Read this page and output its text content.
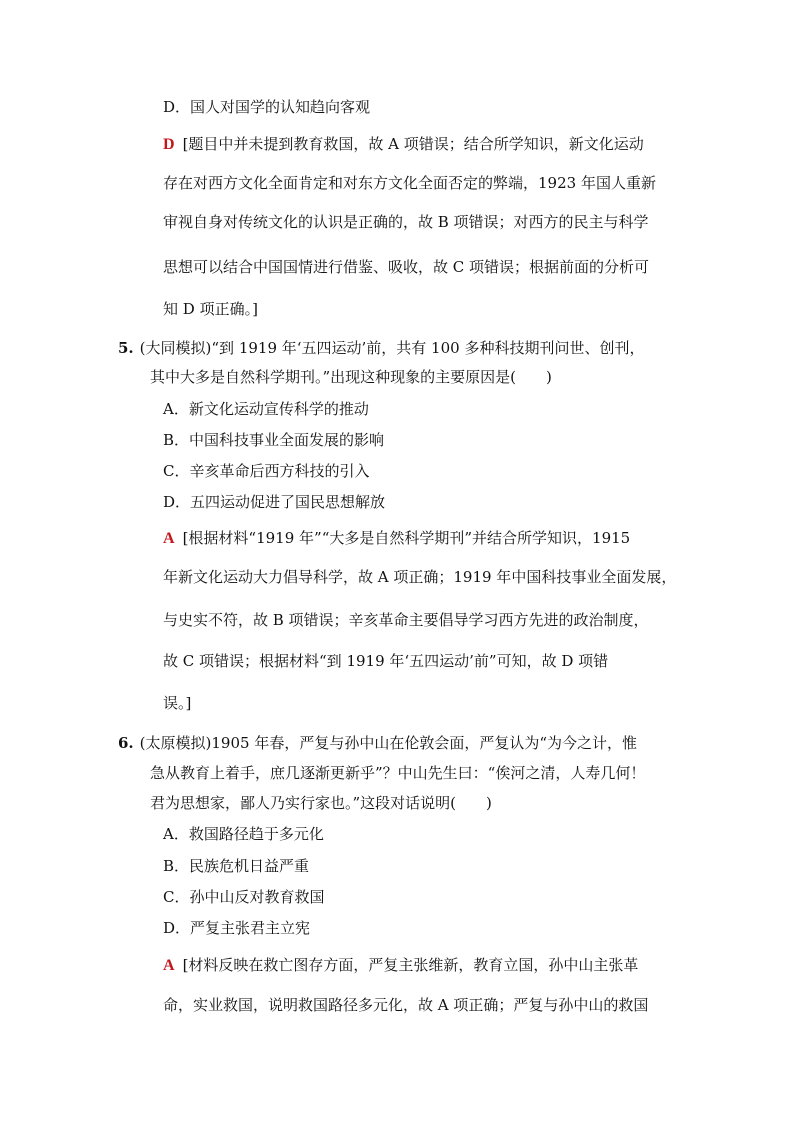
D．国人对国学的认知趋向客观
D [题目中并未提到教育救国，故 A 项错误；结合所学知识，新文化运动
存在对西方文化全面肯定和对东方文化全面否定的弊端，1923 年国人重新
审视自身对传统文化的认识是正确的，故 B 项错误；对西方的民主与科学
思想可以结合中国国情进行借鉴、吸收，故 C 项错误；根据前面的分析可
知 D 项正确。]
5. (大同模拟)“到 1919 年‘五四运动’前，共有 100 多种科技期刊问世、创刊，
其中大多是自然科学期刊。”出现这种现象的主要原因是(　　)
A．新文化运动宣传科学的推动
B．中国科技事业全面发展的影响
C．辛亥革命后西方科技的引入
D．五四运动促进了国民思想解放
A [根据材料“1919 年”“大多是自然科学期刊”并结合所学知识，1915
年新文化运动大力倡导科学，故 A 项正确；1919 年中国科技事业全面发展，
与史实不符，故 B 项错误；辛亥革命主要倡导学习西方先进的政治制度，
故 C 项错误；根据材料“到 1919 年‘五四运动’前”可知，故 D 项错
误。]
6. (太原模拟)1905 年春，严复与孙中山在伦敦会面，严复认为“为今之计，惟
急从教育上着手，庶几逐渐更新乎”？中山先生曰：“俟河之清，人寿几何！
君为思想家，鄙人乃实行家也。”这段对话说明(　　)
A．救国路径趋于多元化
B．民族危机日益严重
C．孙中山反对教育救国
D．严复主张君主立宪
A [材料反映在救亡图存方面，严复主张维新，教育立国，孙中山主张革
命，实业救国，说明救国路径多元化，故 A 项正确；严复与孙中山的救国
